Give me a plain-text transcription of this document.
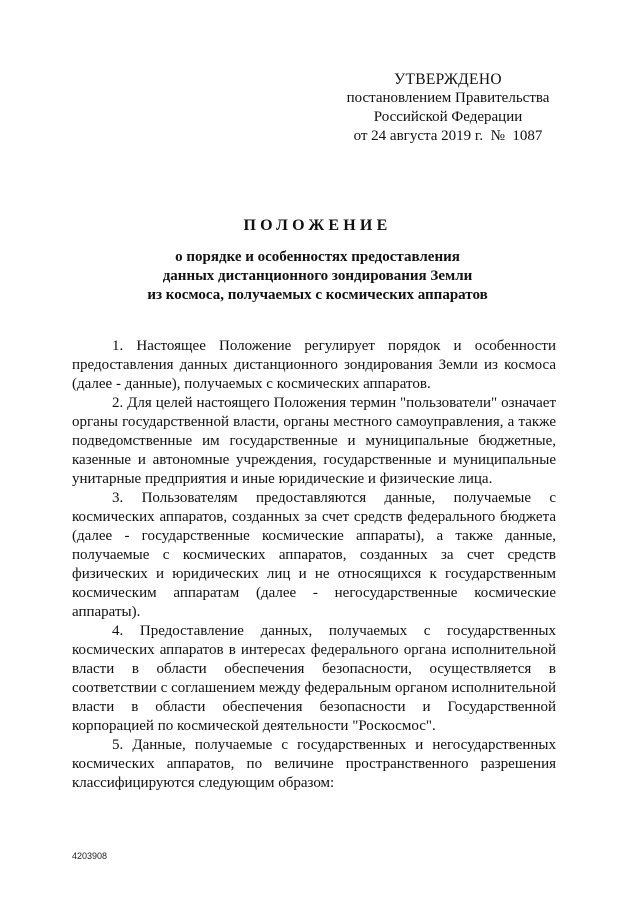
УТВЕРЖДЕНО
постановлением Правительства
Российской Федерации
от 24 августа 2019 г.  №  1087
ПОЛОЖЕНИЕ
о порядке и особенностях предоставления
данных дистанционного зондирования Земли
из космоса, получаемых с космических аппаратов

1. Настоящее Положение регулирует порядок и особенности предоставления данных дистанционного зондирования Земли из космоса (далее - данные), получаемых с космических аппаратов.

2. Для целей настоящего Положения термин "пользователи" означает органы государственной власти, органы местного самоуправления, а также подведомственные им государственные и муниципальные бюджетные, казенные и автономные учреждения, государственные и муниципальные унитарные предприятия и иные юридические и физические лица.

3. Пользователям предоставляются данные, получаемые с космических аппаратов, созданных за счет средств федерального бюджета (далее - государственные космические аппараты), а также данные, получаемые с космических аппаратов, созданных за счет средств физических и юридических лиц и не относящихся к государственным космическим аппаратам (далее - негосударственные космические аппараты).

4. Предоставление данных, получаемых с государственных космических аппаратов в интересах федерального органа исполнительной власти в области обеспечения безопасности, осуществляется в соответствии с соглашением между федеральным органом исполнительной власти в области обеспечения безопасности и Государственной корпорацией по космической деятельности "Роскосмос".

5. Данные, получаемые с государственных и негосударственных космических аппаратов, по величине пространственного разрешения классифицируются следующим образом:

4203908
